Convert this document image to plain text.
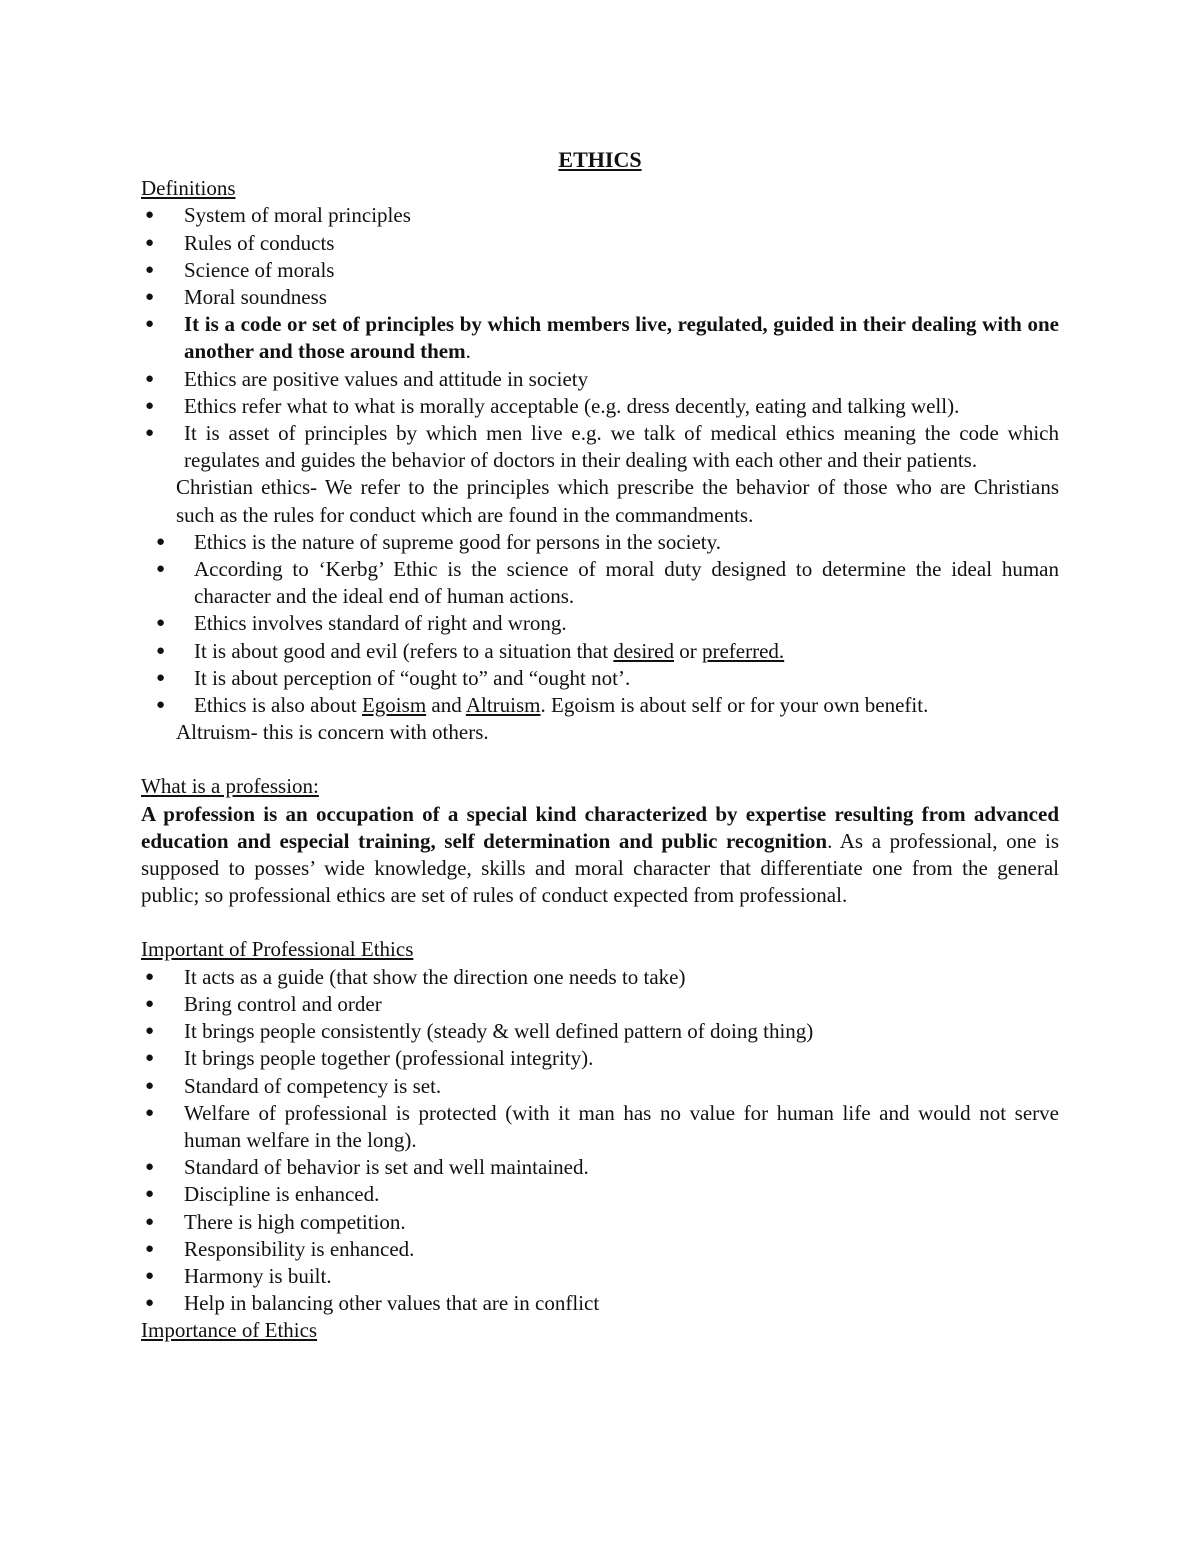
ETHICS
Definitions
● System of moral principles
● Rules of conducts
● Science of morals
● Moral soundness
● It is a code or set of principles by which members live, regulated, guided in their dealing with one another and those around them.
● Ethics are positive values and attitude in society
● Ethics refer what to what is morally acceptable (e.g. dress decently, eating and talking well).
● It is asset of principles by which men live e.g. we talk of medical ethics meaning the code which regulates and guides the behavior of doctors in their dealing with each other and their patients.
Christian ethics- We refer to the principles which prescribe the behavior of those who are Christians such as the rules for conduct which are found in the commandments.
● Ethics is the nature of supreme good for persons in the society.
● According to ‘Kerbg’ Ethic is the science of moral duty designed to determine the ideal human character and the ideal end of human actions.
● Ethics involves standard of right and wrong.
● It is about good and evil (refers to a situation that desired or preferred.
● It is about perception of “ought to” and “ought not’.
● Ethics is also about Egoism and Altruism. Egoism is about self or for your own benefit.
Altruism- this is concern with others.
What is a profession:
A profession is an occupation of a special kind characterized by expertise resulting from advanced education and especial training, self determination and public recognition. As a professional, one is supposed to posses’ wide knowledge, skills and moral character that differentiate one from the general public; so professional ethics are set of rules of conduct expected from professional.
Important of Professional Ethics
● It acts as a guide (that show the direction one needs to take)
● Bring control and order
● It brings people consistently (steady & well defined pattern of doing thing)
● It brings people together (professional integrity).
● Standard of competency is set.
● Welfare of professional is protected (with it man has no value for human life and would not serve human welfare in the long).
● Standard of behavior is set and well maintained.
● Discipline is enhanced.
● There is high competition.
● Responsibility is enhanced.
● Harmony is built.
● Help in balancing other values that are in conflict
Importance of Ethics
